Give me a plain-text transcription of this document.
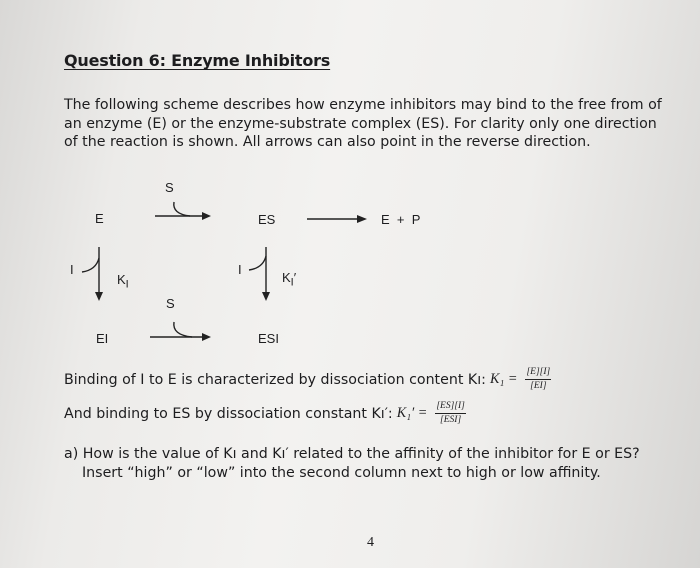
Question 6: Enzyme Inhibitors
The following scheme describes how enzyme inhibitors may bind to the free from of an enzyme (E) or the enzyme-substrate complex (ES). For clarity only one direction of the reaction is shown. All arrows can also point in the reverse direction.
E
S
ES	E  +  P
I
$K_I$
I
$K_I'$
S
EI	ESI
Binding of I to E is characterized by dissociation content Kı: $K_1 = \frac{[E][I]}{[EI]}$
And binding to ES by dissociation constant Kı′: $K_1' = \frac{[ES][I]}{\text{[ESI]}}$
a) How is the value of Kı and Kı′ related to the affinity of the inhibitor for E or ES?
Insert “high” or “low” into the second column next to high or low affinity.
4
